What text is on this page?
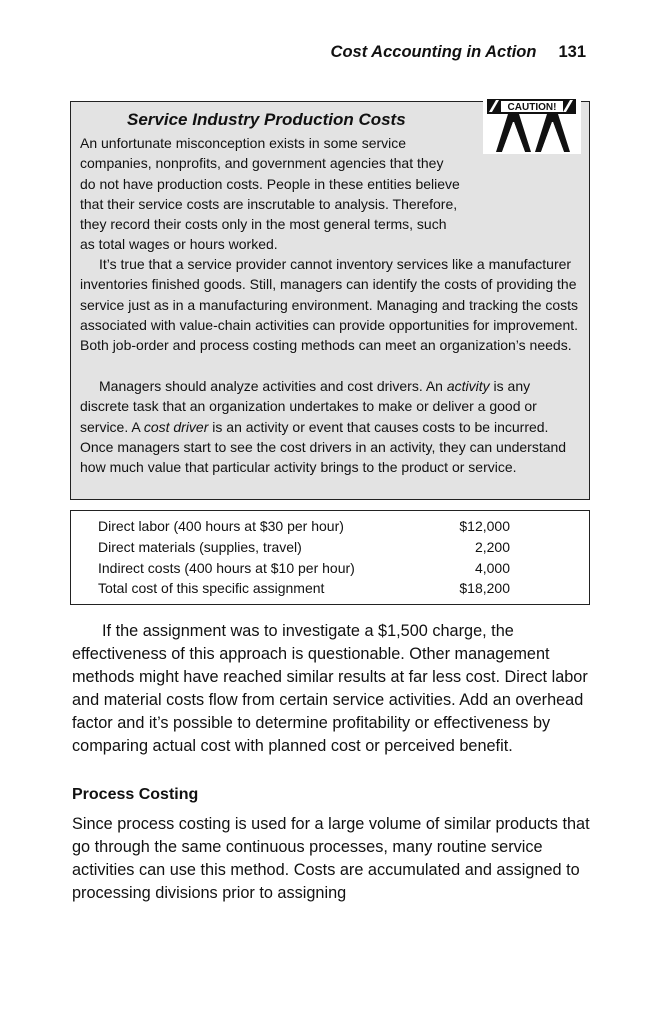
Cost Accounting in Action 131
Service Industry Production Costs
CAUTION!

An unfortunate misconception exists in some service companies, nonprofits, and government agencies that they do not have production costs. People in these entities believe that their service costs are inscrutable to analysis. Therefore, they record their costs only in the most general terms, such as total wages or hours worked.

It’s true that a service provider cannot inventory services like a manufacturer inventories finished goods. Still, managers can identify the costs of providing the service just as in a manufacturing environment. Managing and tracking the costs associated with value-chain activities can provide opportunities for improvement. Both job-order and process costing methods can meet an organization’s needs.

Managers should analyze activities and cost drivers. An activity is any discrete task that an organization undertakes to make or deliver a good or service. A cost driver is an activity or event that causes costs to be incurred. Once managers start to see the cost drivers in an activity, they can understand how much value that particular activity brings to the product or service.

Direct labor (400 hours at $30 per hour)	$12,000
Direct materials (supplies, travel)	2,200
Indirect costs (400 hours at $10 per hour)	4,000
Total cost of this specific assignment	$18,200

If the assignment was to investigate a $1,500 charge, the effectiveness of this approach is questionable. Other management methods might have reached similar results at far less cost. Direct labor and material costs flow from certain service activities. Add an overhead factor and it’s possible to determine profitability or effectiveness by comparing actual cost with planned cost or perceived benefit.

Process Costing

Since process costing is used for a large volume of similar products that go through the same continuous processes, many routine service activities can use this method. Costs are accumulated and assigned to processing divisions prior to assigning
